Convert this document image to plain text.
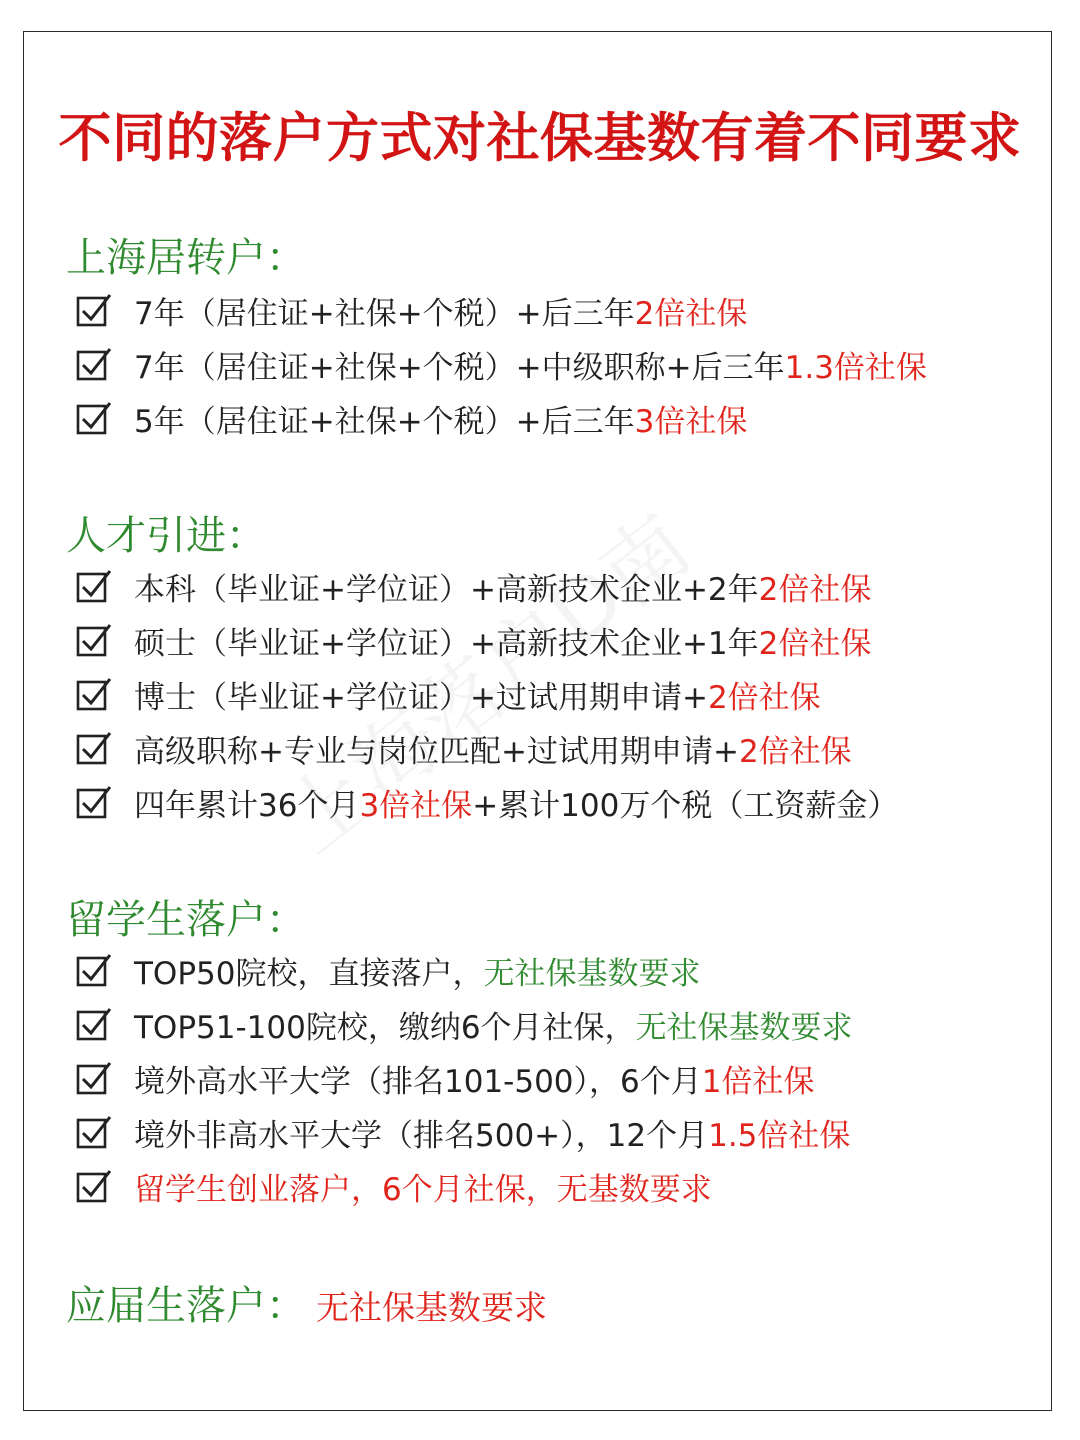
不同的落户方式对社保基数有着不同要求
上海居转户：
7年（居住证+社保+个税）+后三年 2倍社保
7年（居住证+社保+个税）+中级职称+后三年 1.3倍社保
5年（居住证+社保+个税）+后三年 3倍社保
人才引进：
本科（毕业证+学位证）+高新技术企业+2年 2倍社保
硕士（毕业证+学位证）+高新技术企业+1年 2倍社保
博士（毕业证+学位证）+过试用期申请+ 2倍社保
高级职称+专业与岗位匹配+过试用期申请+ 2倍社保
四年累计36个月 3倍社保 +累计100万个税（工资薪金）
留学生落户：
TOP50院校，直接落户， 无社保基数要求
TOP51-100院校，缴纳6个月社保， 无社保基数要求
境外高水平大学（排名101-500），6个月 1倍社保
境外非高水平大学（排名500+），12个月 1.5倍社保
留学生创业落户，6个月社保，无基数要求
应届生落户： 无社保基数要求
